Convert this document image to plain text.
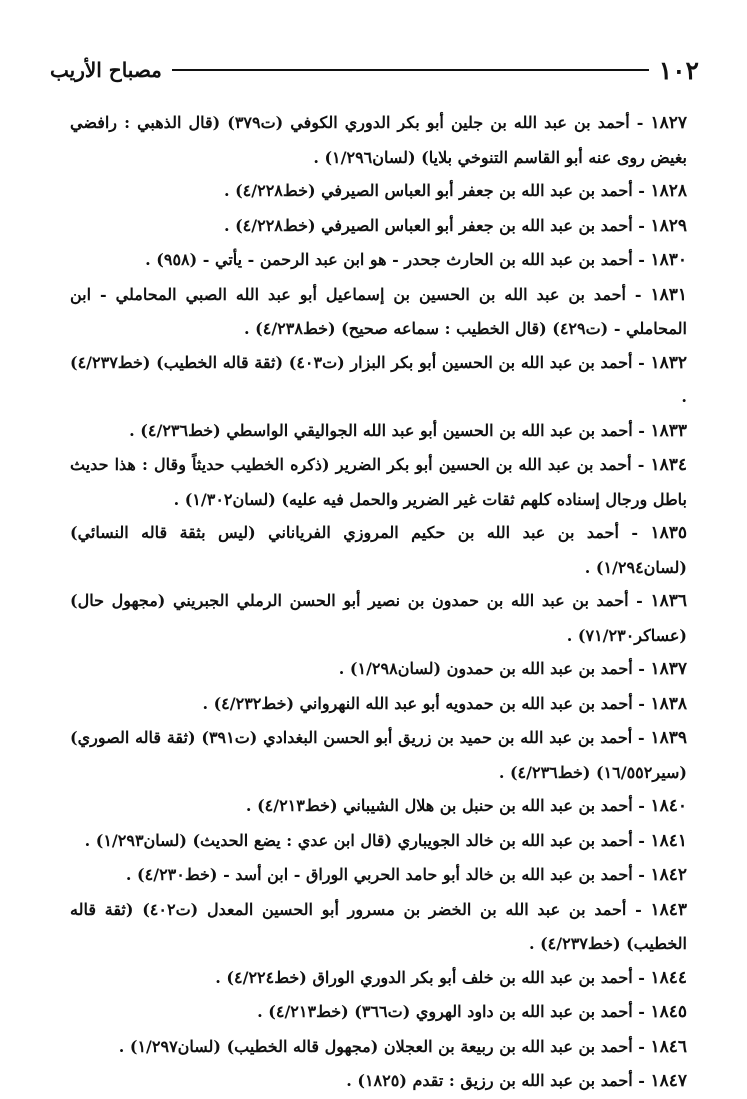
١٠٢
مصباح الأريب

١٨٢٧ - أحمد بن عبد الله بن جلين أبو بكر الدوري الكوفي (ت٣٧٩) (قال الذهبي : رافضي بغيض روى عنه أبو القاسم التنوخي بلايا) (لسان١/٢٩٦) .

١٨٢٨ - أحمد بن عبد الله بن جعفر أبو العباس الصيرفي (خط٤/٢٢٨) .

١٨٢٩ - أحمد بن عبد الله بن جعفر أبو العباس الصيرفي (خط٤/٢٢٨) .

١٨٣٠ - أحمد بن عبد الله بن الحارث جحدر - هو ابن عبد الرحمن - يأتي - (٩٥٨) .

١٨٣١ - أحمد بن عبد الله بن الحسين بن إسماعيل أبو عبد الله الصبي المحاملي - ابن المحاملي - (ت٤٢٩) (قال الخطيب : سماعه صحيح) (خط٤/٢٣٨) .

١٨٣٢ - أحمد بن عبد الله بن الحسين أبو بكر البزار (ت٤٠٣) (ثقة قاله الخطيب) (خط٤/٢٣٧) .

١٨٣٣ - أحمد بن عبد الله بن الحسين أبو عبد الله الجواليقي الواسطي (خط٤/٢٣٦) .

١٨٣٤ - أحمد بن عبد الله بن الحسين أبو بكر الضرير (ذكره الخطيب حديثاً وقال : هذا حديث باطل ورجال إسناده كلهم ثقات غير الضرير والحمل فيه عليه) (لسان١/٣٠٢) .

١٨٣٥ - أحمد بن عبد الله بن حكيم المروزي الفرياناني (ليس بثقة قاله النسائي) (لسان١/٢٩٤) .

١٨٣٦ - أحمد بن عبد الله بن حمدون بن نصير أبو الحسن الرملي الجبريني (مجهول حال) (عساكر٧١/٢٣٠) .

١٨٣٧ - أحمد بن عبد الله بن حمدون (لسان١/٢٩٨) .

١٨٣٨ - أحمد بن عبد الله بن حمدويه أبو عبد الله النهرواني (خط٤/٢٣٢) .

١٨٣٩ - أحمد بن عبد الله بن حميد بن زريق أبو الحسن البغدادي (ت٣٩١) (ثقة قاله الصوري) (سير١٦/٥٥٢) (خط٤/٢٣٦) .

١٨٤٠ - أحمد بن عبد الله بن حنبل بن هلال الشيباني (خط٤/٢١٣) .

١٨٤١ - أحمد بن عبد الله بن خالد الجويباري (قال ابن عدي : يضع الحديث) (لسان١/٢٩٣) .

١٨٤٢ - أحمد بن عبد الله بن خالد أبو حامد الحربي الوراق - ابن أسد - (خط٤/٢٣٠) .

١٨٤٣ - أحمد بن عبد الله بن الخضر بن مسرور أبو الحسين المعدل (ت٤٠٢) (ثقة قاله الخطيب) (خط٤/٢٣٧) .

١٨٤٤ - أحمد بن عبد الله بن خلف أبو بكر الدوري الوراق (خط٤/٢٢٤) .

١٨٤٥ - أحمد بن عبد الله بن داود الهروي (ت٣٦٦) (خط٤/٢١٣) .

١٨٤٦ - أحمد بن عبد الله بن ربيعة بن العجلان (مجهول قاله الخطيب) (لسان١/٢٩٧) .

١٨٤٧ - أحمد بن عبد الله بن رزيق : تقدم (١٨٢٥) .
